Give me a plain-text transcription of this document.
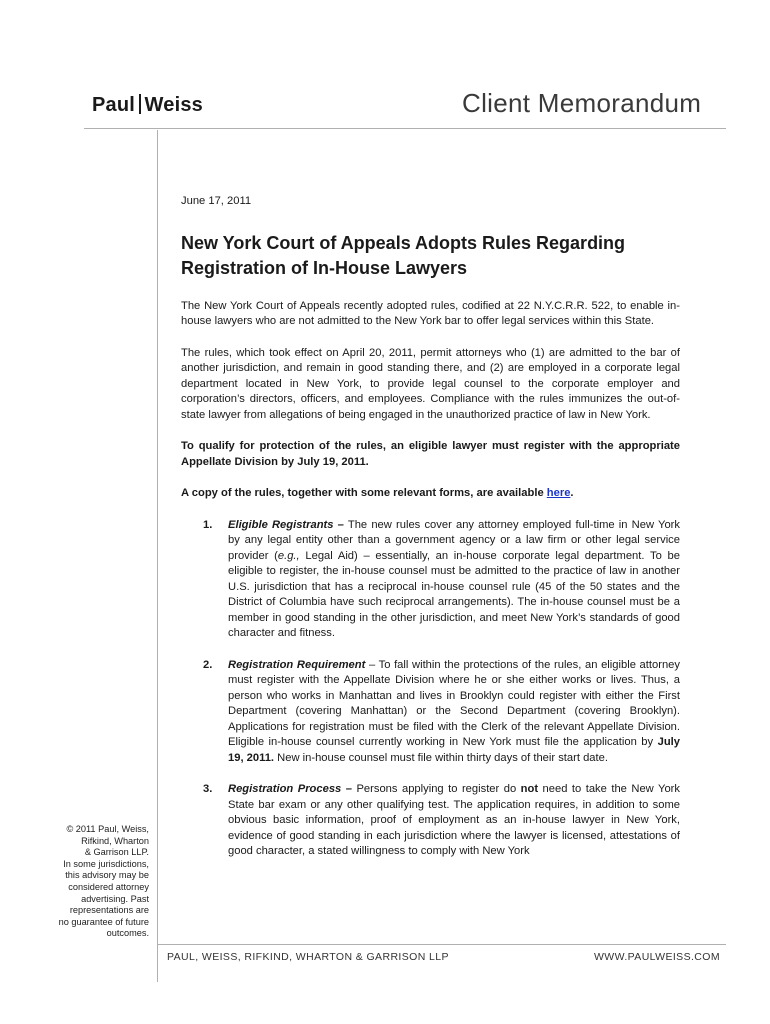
Paul Weiss	Client Memorandum
June 17, 2011
New York Court of Appeals Adopts Rules Regarding Registration of In-House Lawyers

The New York Court of Appeals recently adopted rules, codified at 22 N.Y.C.R.R. 522, to enable in-house lawyers who are not admitted to the New York bar to offer legal services within this State.

The rules, which took effect on April 20, 2011, permit attorneys who (1) are admitted to the bar of another jurisdiction, and remain in good standing there, and (2) are employed in a corporate legal department located in New York, to provide legal counsel to the corporate employer and corporation’s directors, officers, and employees. Compliance with the rules immunizes the out-of-state lawyer from allegations of being engaged in the unauthorized practice of law in New York.

To qualify for protection of the rules, an eligible lawyer must register with the appropriate Appellate Division by July 19, 2011.

A copy of the rules, together with some relevant forms, are available here.

1. Eligible Registrants – The new rules cover any attorney employed full-time in New York by any legal entity other than a government agency or a law firm or other legal service provider (e.g., Legal Aid) – essentially, an in-house corporate legal department. To be eligible to register, the in-house counsel must be admitted to the practice of law in another U.S. jurisdiction that has a reciprocal in-house counsel rule (45 of the 50 states and the District of Columbia have such reciprocal arrangements). The in-house counsel must be a member in good standing in the other jurisdiction, and meet New York’s standards of good character and fitness.
2. Registration Requirement – To fall within the protections of the rules, an eligible attorney must register with the Appellate Division where he or she either works or lives. Thus, a person who works in Manhattan and lives in Brooklyn could register with either the First Department (covering Manhattan) or the Second Department (covering Brooklyn). Applications for registration must be filed with the Clerk of the relevant Appellate Division. Eligible in-house counsel currently working in New York must file the application by July 19, 2011. New in-house counsel must file within thirty days of their start date.
3. Registration Process – Persons applying to register do not need to take the New York State bar exam or any other qualifying test. The application requires, in addition to some obvious basic information, proof of employment as an in-house lawyer in New York, evidence of good standing in each jurisdiction where the lawyer is licensed, attestations of good character, a stated willingness to comply with New York
© 2011 Paul, Weiss,
Rifkind, Wharton
& Garrison LLP.
In some jurisdictions,
this advisory may be
considered attorney
advertising. Past
representations are
no guarantee of future
outcomes.
PAUL, WEISS, RIFKIND, WHARTON & GARRISON LLP	WWW.PAULWEISS.COM
